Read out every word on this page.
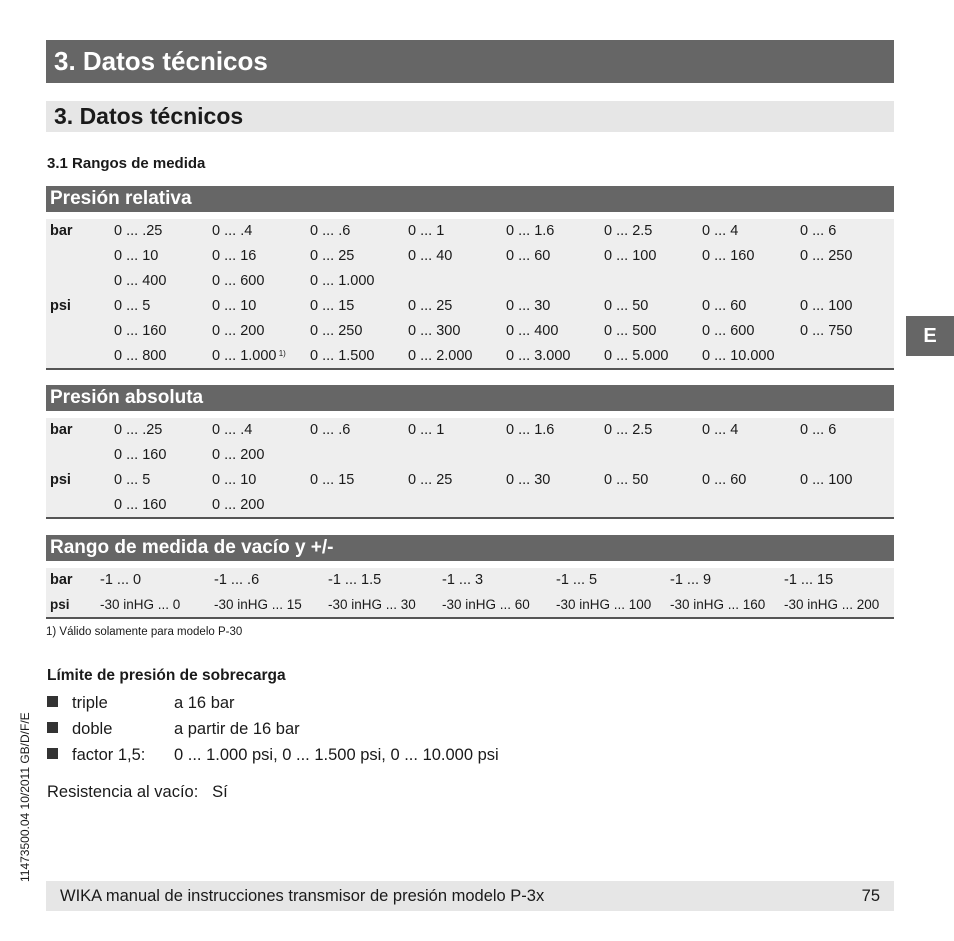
3. Datos técnicos
3. Datos técnicos
3.1 Rangos de medida
Presión relativa
bar	0 ... .25	0 ... .4	0 ... .6	0 ... 1	0 ... 1.6	0 ... 2.5	0 ... 4	0 ... 6
0 ... 10	0 ... 16	0 ... 25	0 ... 40	0 ... 60	0 ... 100	0 ... 160	0 ... 250
0 ... 400	0 ... 600	0 ... 1.000
psi	0 ... 5	0 ... 10	0 ... 15	0 ... 25	0 ... 30	0 ... 50	0 ... 60	0 ... 100
0 ... 160	0 ... 200	0 ... 250	0 ... 300	0 ... 400	0 ... 500	0 ... 600	0 ... 750
0 ... 800	0 ... 1.000 $^{1)}$ 0 ... 1.500 0 ... 2.000 0 ... 3.000 0 ... 5.000 0 ... 10.000
Presión absoluta
bar	0 ... .25	0 ... .4	0 ... .6	0 ... 1	0 ... 1.6	0 ... 2.5	0 ... 4	0 ... 6
0 ... 160	0 ... 200
psi	0 ... 5	0 ... 10	0 ... 15	0 ... 25	0 ... 30	0 ... 50	0 ... 60	0 ... 100
0 ... 160	0 ... 200
Rango de medida de vacío y +/-
bar -1 ... 0	-1 ... .6	-1 ... 1.5	-1 ... 3	-1 ... 5	-1 ... 9	-1 ... 15
psi -30 inHG ... 0 -30 inHG ... 15 -30 inHG ... 30 -30 inHG ... 60 -30 inHG ... 100 -30 inHG ... 160 -30 inHG ... 200
1) Válido solamente para modelo P-30
Límite de presión de sobrecarga
triple	a 16 bar
doble	a partir de 16 bar
factor 1,5: 0 ... 1.000 psi, 0 ... 1.500 psi, 0 ... 10.000 psi
Resistencia al vacío: Sí
E
11473500.04 10/2011 GB/D/F/E
WIKA manual de instrucciones transmisor de presión modelo P-3x	75
